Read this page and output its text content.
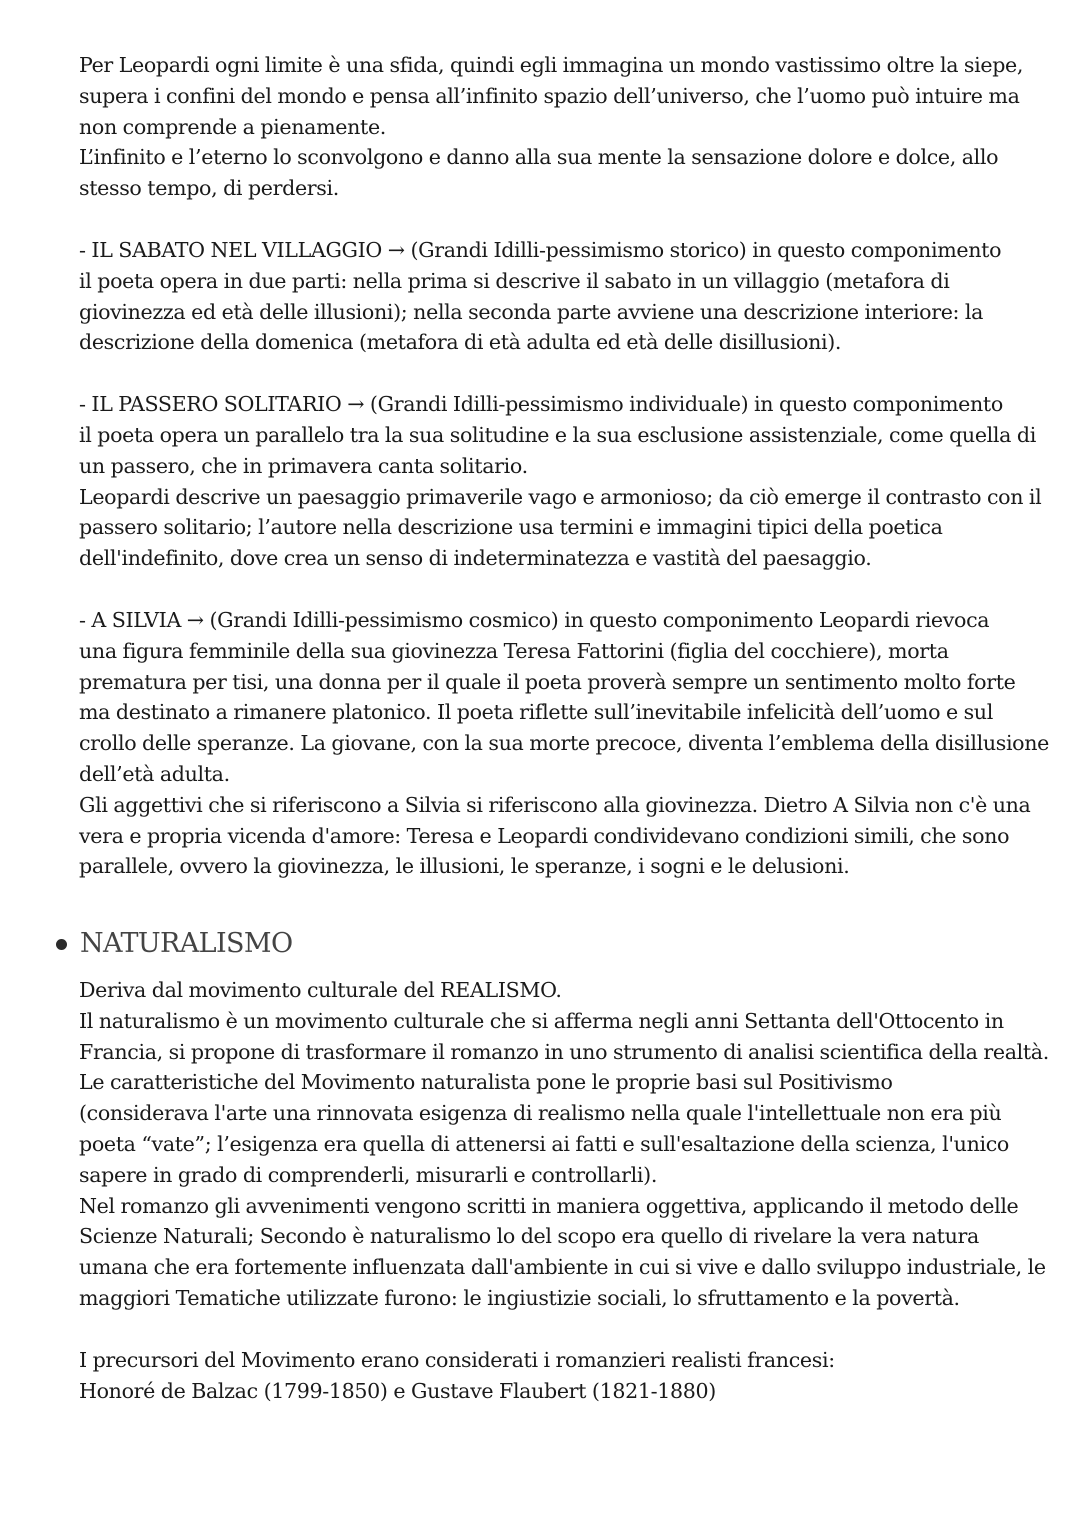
Per Leopardi ogni limite è una sfida, quindi egli immagina un mondo vastissimo oltre la siepe,
supera i confini del mondo e pensa all’infinito spazio dell’universo, che l’uomo può intuire ma
non comprende a pienamente.
L’infinito e l’eterno lo sconvolgono e danno alla sua mente la sensazione dolore e dolce, allo
stesso tempo, di perdersi.

- IL SABATO NEL VILLAGGIO → (Grandi Idilli-pessimismo storico) in questo componimento
il poeta opera in due parti: nella prima si descrive il sabato in un villaggio (metafora di
giovinezza ed età delle illusioni); nella seconda parte avviene una descrizione interiore: la
descrizione della domenica (metafora di età adulta ed età delle disillusioni).

- IL PASSERO SOLITARIO → (Grandi Idilli-pessimismo individuale) in questo componimento
il poeta opera un parallelo tra la sua solitudine e la sua esclusione assistenziale, come quella di
un passero, che in primavera canta solitario.
Leopardi descrive un paesaggio primaverile vago e armonioso; da ciò emerge il contrasto con il
passero solitario; l’autore nella descrizione usa termini e immagini tipici della poetica
dell'indefinito, dove crea un senso di indeterminatezza e vastità del paesaggio.

- A SILVIA → (Grandi Idilli-pessimismo cosmico) in questo componimento Leopardi rievoca
una figura femminile della sua giovinezza Teresa Fattorini (figlia del cocchiere), morta
prematura per tisi, una donna per il quale il poeta proverà sempre un sentimento molto forte
ma destinato a rimanere platonico. Il poeta riflette sull’inevitabile infelicità dell’uomo e sul
crollo delle speranze. La giovane, con la sua morte precoce, diventa l’emblema della disillusione
dell’età adulta.
Gli aggettivi che si riferiscono a Silvia si riferiscono alla giovinezza. Dietro A Silvia non c'è una
vera e propria vicenda d'amore: Teresa e Leopardi condividevano condizioni simili, che sono
parallele, ovvero la giovinezza, le illusioni, le speranze, i sogni e le delusioni.

NATURALISMO

Deriva dal movimento culturale del REALISMO.
Il naturalismo è un movimento culturale che si afferma negli anni Settanta dell'Ottocento in
Francia, si propone di trasformare il romanzo in uno strumento di analisi scientifica della realtà.
Le caratteristiche del Movimento naturalista pone le proprie basi sul Positivismo
(considerava l'arte una rinnovata esigenza di realismo nella quale l'intellettuale non era più
poeta “vate”; l’esigenza era quella di attenersi ai fatti e sull'esaltazione della scienza, l'unico
sapere in grado di comprenderli, misurarli e controllarli).
Nel romanzo gli avvenimenti vengono scritti in maniera oggettiva, applicando il metodo delle
Scienze Naturali; Secondo è naturalismo lo del scopo era quello di rivelare la vera natura
umana che era fortemente influenzata dall'ambiente in cui si vive e dallo sviluppo industriale, le
maggiori Tematiche utilizzate furono: le ingiustizie sociali, lo sfruttamento e la povertà.

I precursori del Movimento erano considerati i romanzieri realisti francesi:
Honoré de Balzac (1799-1850) e Gustave Flaubert (1821-1880)
